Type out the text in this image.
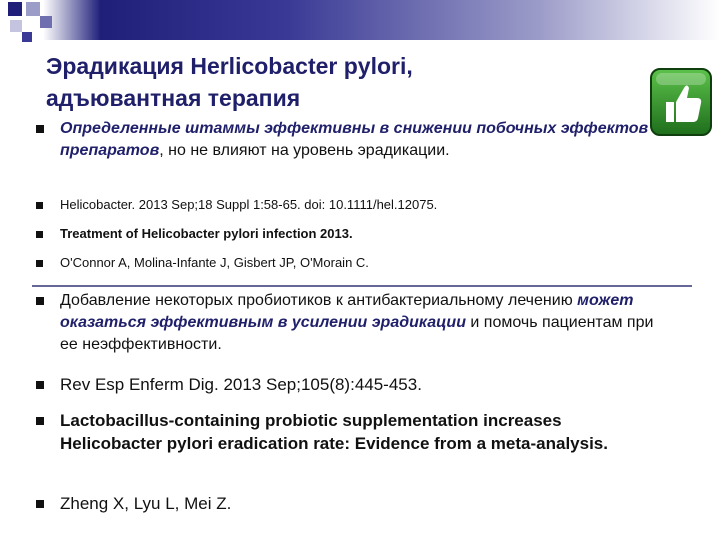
Эрадикация Herlicobacter pylori,
адъювантная терапия
Определенные штаммы эффективны в снижении побочных эффектов препаратов, но не влияют на уровень эрадикации.
Helicobacter. 2013 Sep;18 Suppl 1:58-65. doi: 10.1111/hel.12075.
Treatment of Helicobacter pylori infection 2013.
O'Connor A, Molina-Infante J, Gisbert JP, O'Morain C.
Добавление некоторых пробиотиков к антибактериальному лечению может оказаться эффективным в усилении эрадикации и помочь пациентам при ее неэффективности.
Rev Esp Enferm Dig. 2013 Sep;105(8):445-453.
Lactobacillus-containing probiotic supplementation increases Helicobacter pylori eradication rate: Evidence from a meta-analysis.
Zheng X, Lyu L, Mei Z.
